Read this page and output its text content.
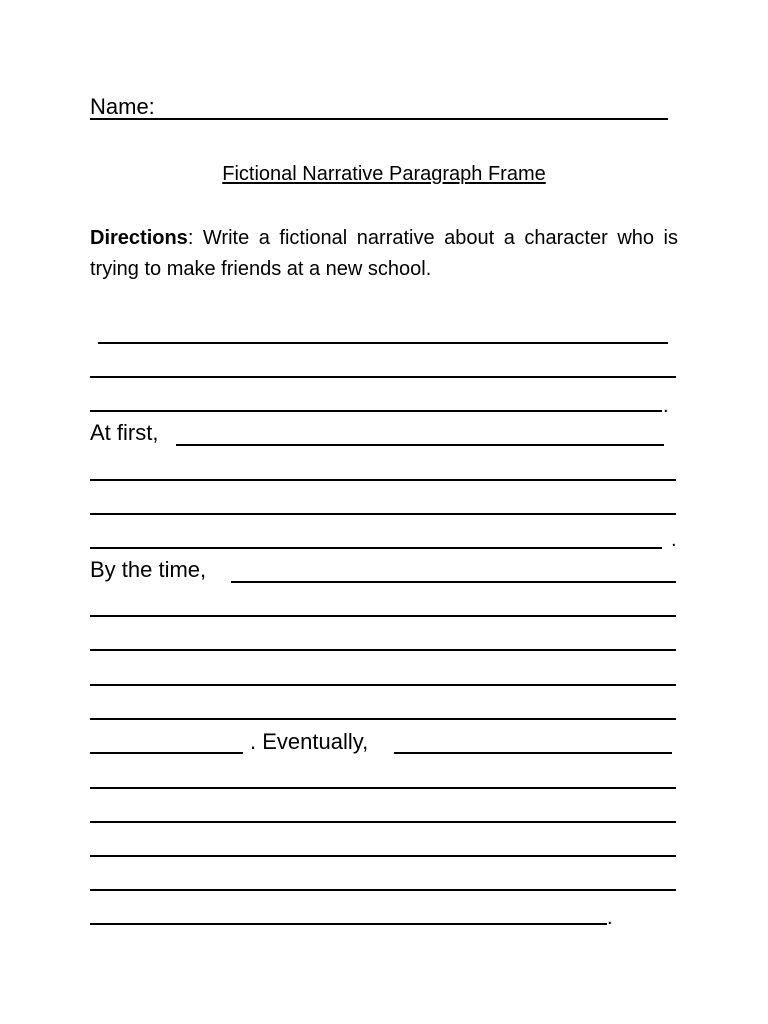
Name:
Fictional Narrative Paragraph Frame
Directions: Write a fictional narrative about a character who is trying to make friends at a new school.
.
At first,
.
By the time,
. Eventually,
.
